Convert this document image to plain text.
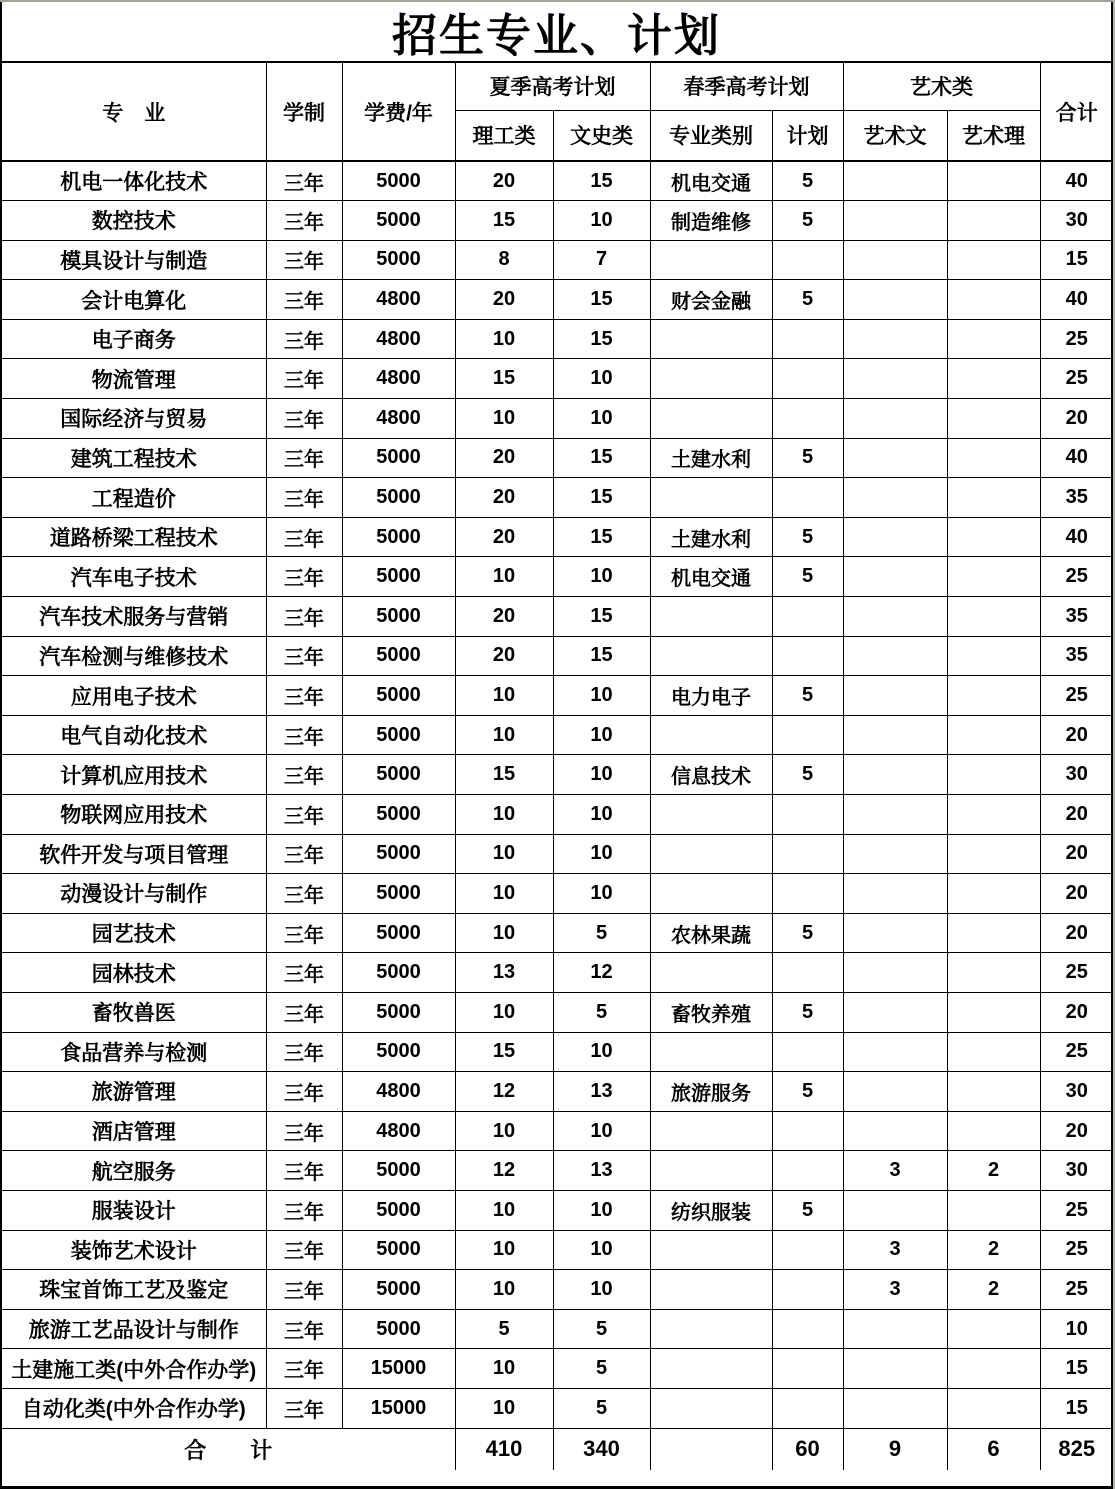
招生专业、计划
专　业	学制	学费/年	夏季高考计划		春季高考计划		艺术类		合计
			理工类	文史类	专业类别	计划	艺术文	艺术理	
机电一体化技术	三年	5000	20	15	机电交通	5			40
数控技术	三年	5000	15	10	制造维修	5			30
模具设计与制造	三年	5000	8	7					15
会计电算化	三年	4800	20	15	财会金融	5			40
电子商务	三年	4800	10	15					25
物流管理	三年	4800	15	10					25
国际经济与贸易	三年	4800	10	10					20
建筑工程技术	三年	5000	20	15	土建水利	5			40
工程造价	三年	5000	20	15					35
道路桥梁工程技术	三年	5000	20	15	土建水利	5			40
汽车电子技术	三年	5000	10	10	机电交通	5			25
汽车技术服务与营销	三年	5000	20	15					35
汽车检测与维修技术	三年	5000	20	15					35
应用电子技术	三年	5000	10	10	电力电子	5			25
电气自动化技术	三年	5000	10	10					20
计算机应用技术	三年	5000	15	10	信息技术	5			30
物联网应用技术	三年	5000	10	10					20
软件开发与项目管理	三年	5000	10	10					20
动漫设计与制作	三年	5000	10	10					20
园艺技术	三年	5000	10	5	农林果蔬	5			20
园林技术	三年	5000	13	12					25
畜牧兽医	三年	5000	10	5	畜牧养殖	5			20
食品营养与检测	三年	5000	15	10					25
旅游管理	三年	4800	12	13	旅游服务	5			30
酒店管理	三年	4800	10	10					20
航空服务	三年	5000	12	13			3	2	30
服装设计	三年	5000	10	10	纺织服装	5			25
装饰艺术设计	三年	5000	10	10			3	2	25
珠宝首饰工艺及鉴定	三年	5000	10	10			3	2	25
旅游工艺品设计与制作	三年	5000	5	5					10
土建施工类(中外合作办学)	三年	15000	10	5					15
自动化类(中外合作办学)	三年	15000	10	5					15
合　　计			410	340		60	9	6	825
